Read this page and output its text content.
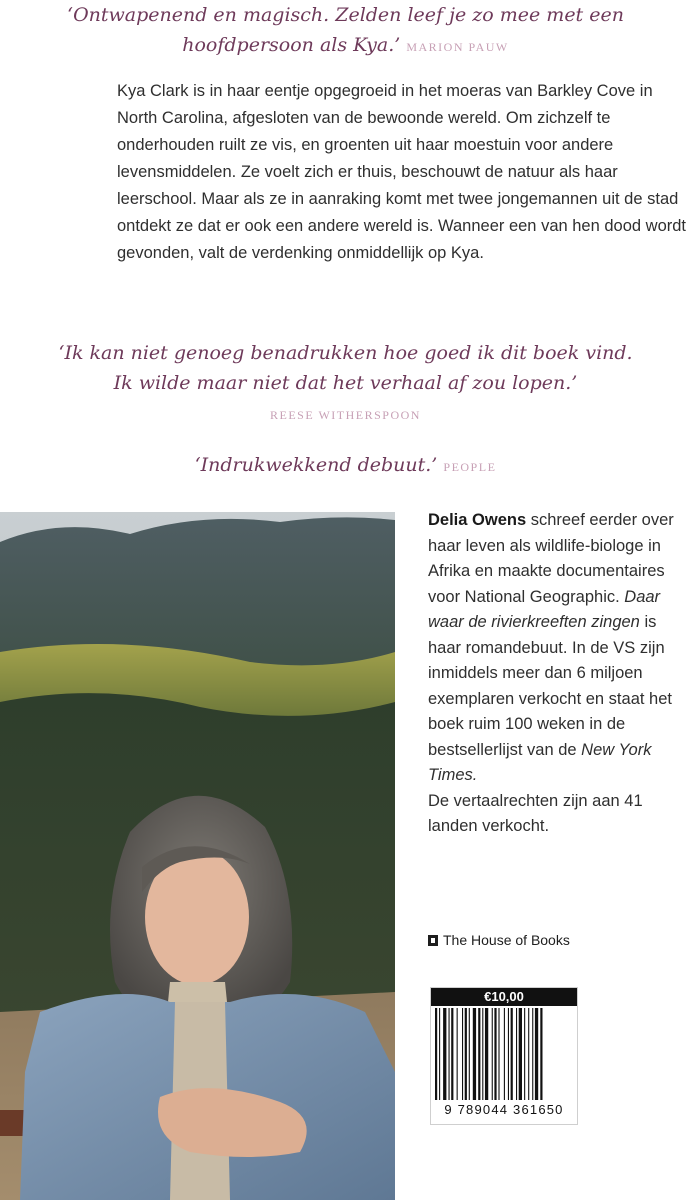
‘Ontwapenend en magisch. Zelden leef je zo mee met een
hoofdpersoon als Kya.’ MARION PAUW

Kya Clark is in haar eentje opgegroeid in het moeras van Barkley Cove in North Carolina, afgesloten van de bewoonde wereld. Om zichzelf te onderhouden ruilt ze vis, en groenten uit haar moestuin voor andere levensmiddelen. Ze voelt zich er thuis, beschouwt de natuur als haar leerschool. Maar als ze in aanraking komt met twee jongemannen uit de stad ontdekt ze dat er ook een andere wereld is. Wanneer een van hen dood wordt gevonden, valt de verdenking onmiddellijk op Kya.

‘Ik kan niet genoeg benadrukken hoe goed ik dit boek vind.
Ik wilde maar niet dat het verhaal af zou lopen.’
REESE WITHERSPOON
‘Indrukwekkend debuut.’ PEOPLE

Delia Owens schreef eerder over haar leven als wildlife-biologe in Afrika en maakte documentaires voor National Geographic. Daar waar de rivierkreeften zingen is haar romandebuut. In de VS zijn inmiddels meer dan 6 miljoen exemplaren verkocht en staat het boek ruim 100 weken in de bestsellerlijst van de New York Times.
De vertaalrechten zijn aan 41 landen verkocht.

The House of Books
€10,00
9 789044 361650
